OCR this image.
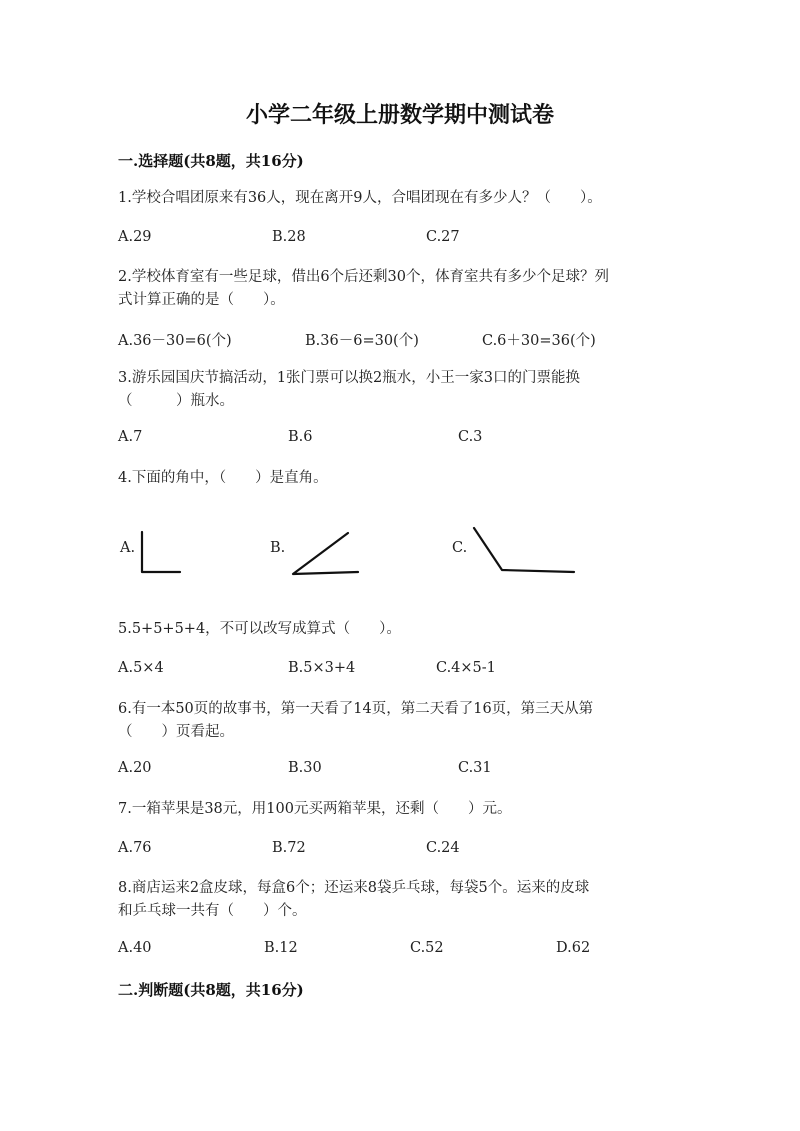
小学二年级上册数学期中测试卷
一.选择题(共8题，共16分)
1.学校合唱团原来有36人，现在离开9人，合唱团现在有多少人？（　　）。
A.29	B.28	C.27
2.学校体育室有一些足球，借出6个后还剩30个，体育室共有多少个足球？列
式计算正确的是（　　）。
A.36－30=6(个)	B.36－6=30(个)	C.6＋30=36(个)
3.游乐园国庆节搞活动，1张门票可以换2瓶水，小王一家3口的门票能换
（　　　）瓶水。
A.7	B.6	C.3
4.下面的角中，（　　）是直角。
A.	B.	C.
5.5+5+5+4，不可以改写成算式（　　）。
A.5×4	B.5×3+4	C.4×5-1
6.有一本50页的故事书，第一天看了14页，第二天看了16页，第三天从第
（　　）页看起。
A.20	B.30	C.31
7.一箱苹果是38元，用100元买两箱苹果，还剩（　　）元。
A.76	B.72	C.24
8.商店运来2盒皮球，每盒6个；还运来8袋乒乓球，每袋5个。运来的皮球
和乒乓球一共有（　　）个。
A.40	B.12	C.52	D.62
二.判断题(共8题，共16分)
